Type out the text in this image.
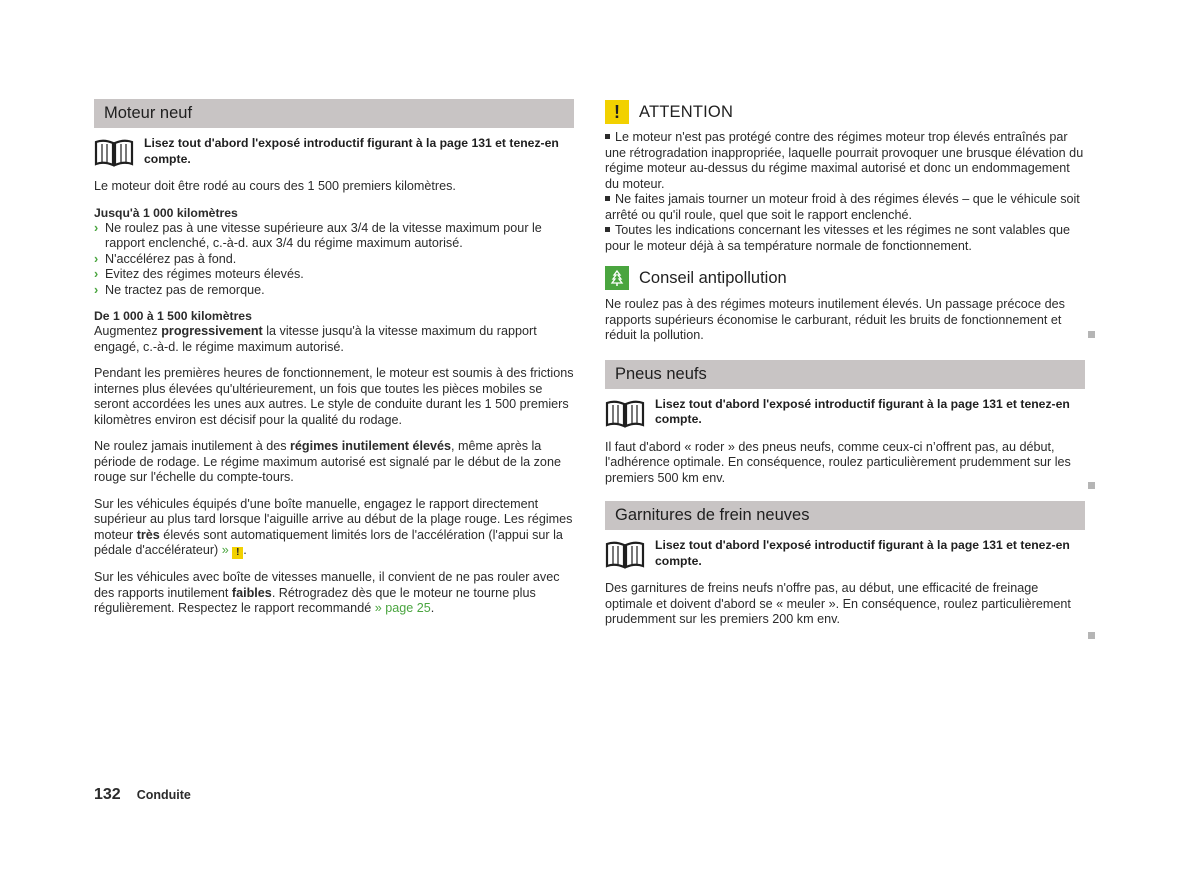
Moteur neuf
Lisez tout d'abord l'exposé introductif figurant à la page 131 et tenez-en compte.

Le moteur doit être rodé au cours des 1 500 premiers kilomètres.

Jusqu'à 1 000 kilomètres
› Ne roulez pas à une vitesse supérieure aux 3/4 de la vitesse maximum pour le rapport enclenché, c.-à-d. aux 3/4 du régime maximum autorisé.
› N'accélérez pas à fond.
› Evitez des régimes moteurs élevés.
› Ne tractez pas de remorque.
De 1 000 à 1 500 kilomètres

Augmentez progressivement la vitesse jusqu'à la vitesse maximum du rapport engagé, c.-à-d. le régime maximum autorisé.

Pendant les premières heures de fonctionnement, le moteur est soumis à des frictions internes plus élevées qu'ultérieurement, un fois que toutes les pièces mobiles se seront accordées les unes aux autres. Le style de conduite durant les 1 500 premiers kilomètres environ est décisif pour la qualité du rodage.

Ne roulez jamais inutilement à des régimes inutilement élevés, même après la période de rodage. Le régime maximum autorisé est signalé par le début de la zone rouge sur l'échelle du compte-tours.

Sur les véhicules équipés d'une boîte manuelle, engagez le rapport directement supérieur au plus tard lorsque l'aiguille arrive au début de la plage rouge. Les régimes moteur très élevés sont automatiquement limités lors de l'accélération (l'appui sur la pédale d'accélérateur) » ! .

Sur les véhicules avec boîte de vitesses manuelle, il convient de ne pas rouler avec des rapports inutilement faibles. Rétrogradez dès que le moteur ne tourne plus régulièrement. Respectez le rapport recommandé » page 25.

!	ATTENTION
Le moteur n'est pas protégé contre des régimes moteur trop élevés entraînés par une rétrogradation inappropriée, laquelle pourrait provoquer une brusque élévation du régime moteur au-dessus du régime maximal autorisé et donc un endommagement du moteur.
Ne faites jamais tourner un moteur froid à des régimes élevés – que le véhicule soit arrêté ou qu'il roule, quel que soit le rapport enclenché.
Toutes les indications concernant les vitesses et les régimes ne sont valables que pour le moteur déjà à sa température normale de fonctionnement.
Conseil antipollution

Ne roulez pas à des régimes moteurs inutilement élevés. Un passage précoce des rapports supérieurs économise le carburant, réduit les bruits de fonctionnement et réduit la pollution.

Pneus neufs
Lisez tout d'abord l'exposé introductif figurant à la page 131 et tenez-en compte.

Il faut d'abord « roder » des pneus neufs, comme ceux-ci n’offrent pas, au début, l'adhérence optimale. En conséquence, roulez particulièrement prudemment sur les premiers 500 km env.

Garnitures de frein neuves
Lisez tout d'abord l'exposé introductif figurant à la page 131 et tenez-en compte.

Des garnitures de freins neufs n'offre pas, au début, une efficacité de freinage optimale et doivent d'abord se « meuler ». En conséquence, roulez particulièrement prudemment sur les premiers 200 km env.

132 Conduite
